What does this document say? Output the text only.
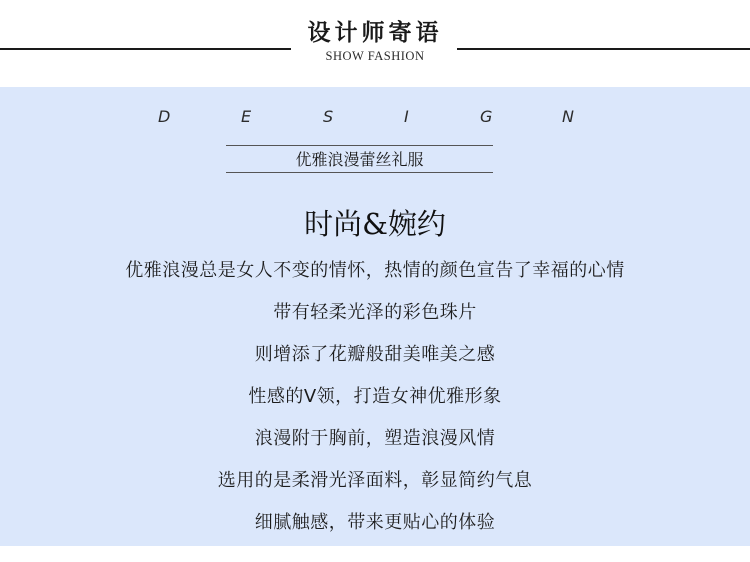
设计师寄语
SHOW FASHION
D	E	S	I	G	N
优雅浪漫蕾丝礼服
时尚&婉约
优雅浪漫总是女人不变的情怀，热情的颜色宣告了幸福的心情
带有轻柔光泽的彩色珠片
则增添了花瓣般甜美唯美之感
性感的V领，打造女神优雅形象
浪漫附于胸前，塑造浪漫风情
选用的是柔滑光泽面料，彰显简约气息
细腻触感，带来更贴心的体验
